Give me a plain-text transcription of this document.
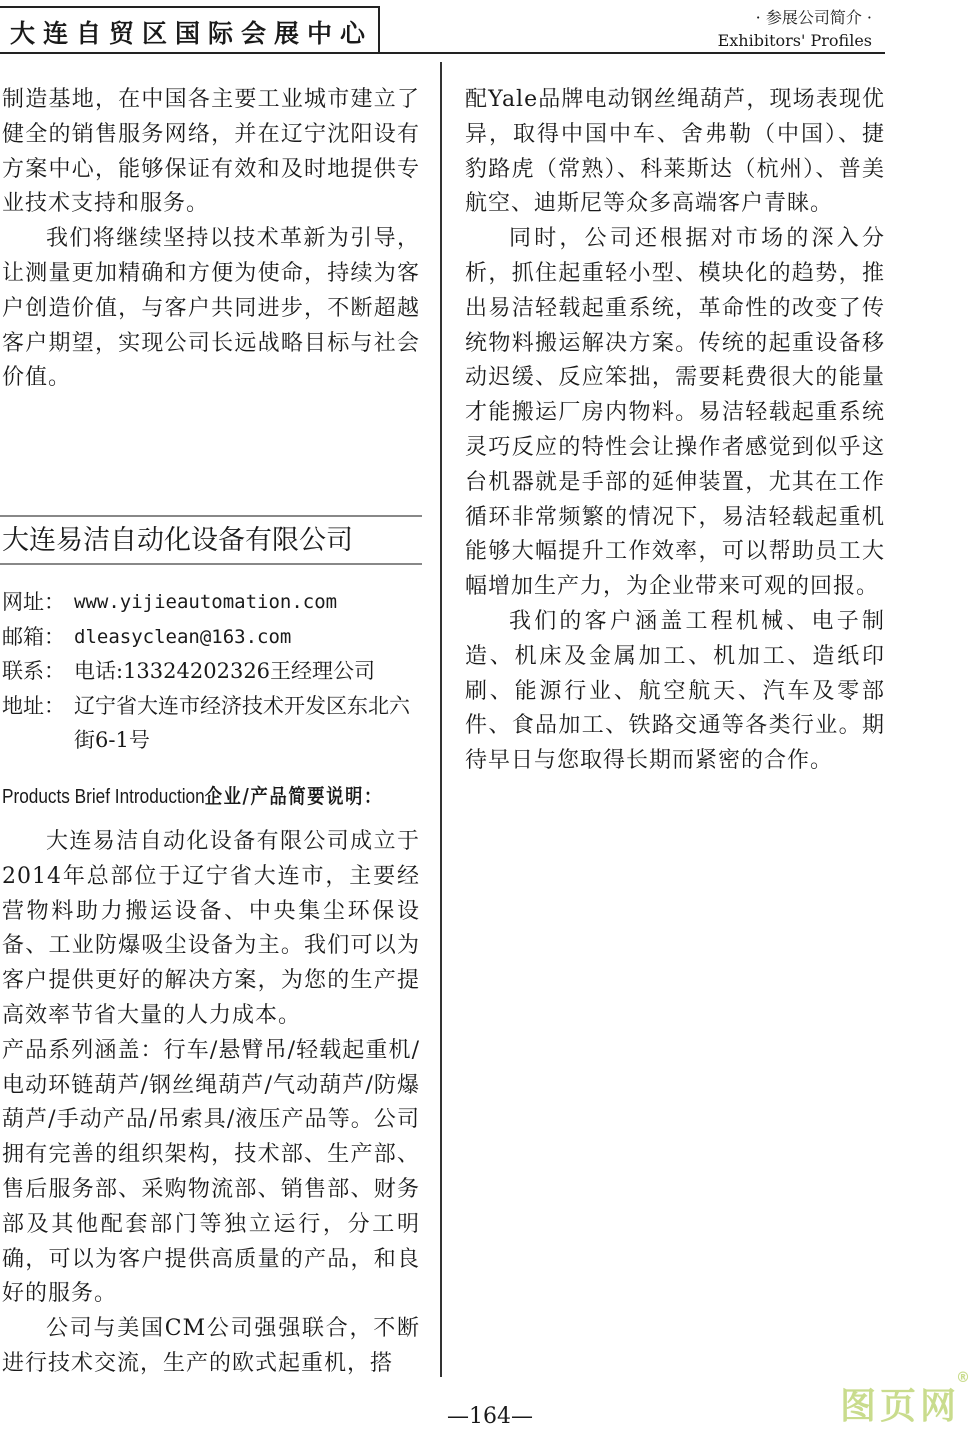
大连自贸区国际会展中心
· 参展公司简介 ·
Exhibitors' Profiles

制造基地，在中国各主要工业城市建立了健全的销售服务网络，并在辽宁沈阳设有方案中心，能够保证有效和及时地提供专业技术支持和服务。

我们将继续坚持以技术革新为引导，让测量更加精确和方便为使命，持续为客户创造价值，与客户共同进步，不断超越客户期望，实现公司长远战略目标与社会价值。

大连易洁自动化设备有限公司
网址： www.yijieautomation.com
邮箱： dleasyclean@163.com
联系： 电话:13324202326王经理公司
地址： 辽宁省大连市经济技术开发区东北六街6-1号
Products Brief Introduction企业/产品简要说明：

大连易洁自动化设备有限公司成立于2014年总部位于辽宁省大连市，主要经营物料助力搬运设备、中央集尘环保设备、工业防爆吸尘设备为主。我们可以为客户提供更好的解决方案，为您的生产提高效率节省大量的人力成本。

产品系列涵盖：行车/悬臂吊/轻载起重机/电动环链葫芦/钢丝绳葫芦/气动葫芦/防爆葫芦/手动产品/吊索具/液压产品等。公司拥有完善的组织架构，技术部、生产部、售后服务部、采购物流部、销售部、财务部及其他配套部门等独立运行，分工明确，可以为客户提供高质量的产品，和良好的服务。

公司与美国CM公司强强联合，不断进行技术交流，生产的欧式起重机，搭

配Yale品牌电动钢丝绳葫芦，现场表现优异，取得中国中车、舍弗勒（中国）、捷豹路虎（常熟）、科莱斯达（杭州）、普美航空、迪斯尼等众多高端客户青睐。

同时，公司还根据对市场的深入分析，抓住起重轻小型、模块化的趋势，推出易洁轻载起重系统，革命性的改变了传统物料搬运解决方案。传统的起重设备移动迟缓、反应笨拙，需要耗费很大的能量才能搬运厂房内物料。易洁轻载起重系统灵巧反应的特性会让操作者感觉到似乎这台机器就是手部的延伸装置，尤其在工作循环非常频繁的情况下，易洁轻载起重机能够大幅提升工作效率，可以帮助员工大幅增加生产力，为企业带来可观的回报。

我们的客户涵盖工程机械、电子制造、机床及金属加工、机加工、造纸印刷、能源行业、航空航天、汽车及零部件、食品加工、铁路交通等各类行业。期待早日与您取得长期而紧密的合作。

—164—	图页网
®
